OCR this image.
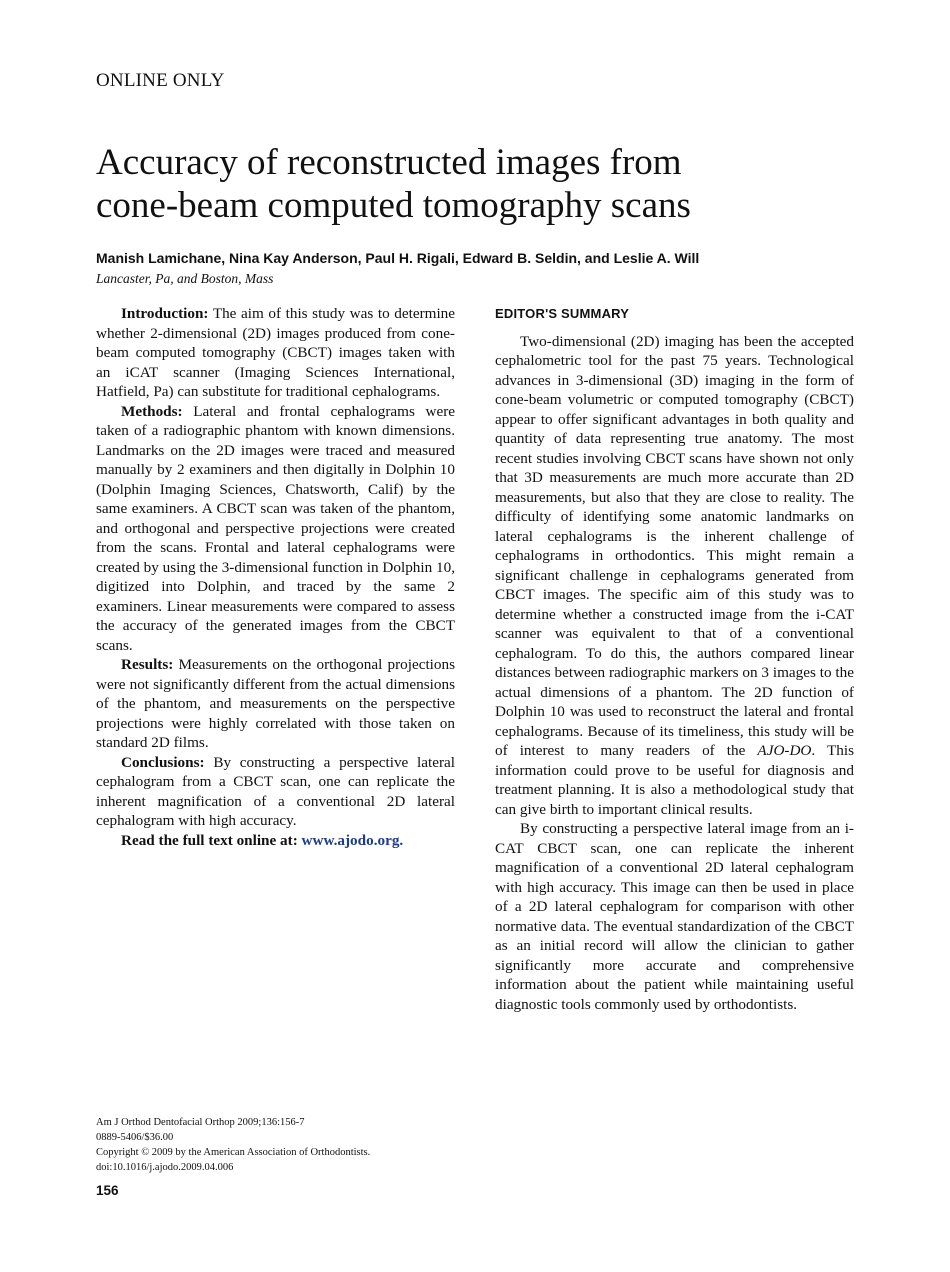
ONLINE ONLY
Accuracy of reconstructed images from
cone-beam computed tomography scans
Manish Lamichane, Nina Kay Anderson, Paul H. Rigali, Edward B. Seldin, and Leslie A. Will
Lancaster, Pa, and Boston, Mass

Introduction: The aim of this study was to determine whether 2-dimensional (2D) images produced from cone-beam computed tomography (CBCT) images taken with an iCAT scanner (Imaging Sciences International, Hatfield, Pa) can substitute for traditional cephalograms.

Methods: Lateral and frontal cephalograms were taken of a radiographic phantom with known dimensions. Landmarks on the 2D images were traced and measured manually by 2 examiners and then digitally in Dolphin 10 (Dolphin Imaging Sciences, Chatsworth, Calif) by the same examiners. A CBCT scan was taken of the phantom, and orthogonal and perspective projections were created from the scans. Frontal and lateral cephalograms were created by using the 3-dimensional function in Dolphin 10, digitized into Dolphin, and traced by the same 2 examiners. Linear measurements were compared to assess the accuracy of the generated images from the CBCT scans.

Results: Measurements on the orthogonal projections were not significantly different from the actual dimensions of the phantom, and measurements on the perspective projections were highly correlated with those taken on standard 2D films.

Conclusions: By constructing a perspective lateral cephalogram from a CBCT scan, one can replicate the inherent magnification of a conventional 2D lateral cephalogram with high accuracy.

Read the full text online at: www.ajodo.org.

EDITOR'S SUMMARY

Two-dimensional (2D) imaging has been the accepted cephalometric tool for the past 75 years. Technological advances in 3-dimensional (3D) imaging in the form of cone-beam volumetric or computed tomography (CBCT) appear to offer significant advantages in both quality and quantity of data representing true anatomy. The most recent studies involving CBCT scans have shown not only that 3D measurements are much more accurate than 2D measurements, but also that they are close to reality. The difficulty of identifying some anatomic landmarks on lateral cephalograms is the inherent challenge of cephalograms in orthodontics. This might remain a significant challenge in cephalograms generated from CBCT images. The specific aim of this study was to determine whether a constructed image from the i-CAT scanner was equivalent to that of a conventional cephalogram. To do this, the authors compared linear distances between radiographic markers on 3 images to the actual dimensions of a phantom. The 2D function of Dolphin 10 was used to reconstruct the lateral and frontal cephalograms. Because of its timeliness, this study will be of interest to many readers of the AJO-DO. This information could prove to be useful for diagnosis and treatment planning. It is also a methodological study that can give birth to important clinical results.

By constructing a perspective lateral image from an i-CAT CBCT scan, one can replicate the inherent magnification of a conventional 2D lateral cephalogram with high accuracy. This image can then be used in place of a 2D lateral cephalogram for comparison with other normative data. The eventual standardization of the CBCT as an initial record will allow the clinician to gather significantly more accurate and comprehensive information about the patient while maintaining useful diagnostic tools commonly used by orthodontists.

Am J Orthod Dentofacial Orthop 2009;136:156-7
0889-5406/$36.00
Copyright © 2009 by the American Association of Orthodontists.
doi:10.1016/j.ajodo.2009.04.006
156
